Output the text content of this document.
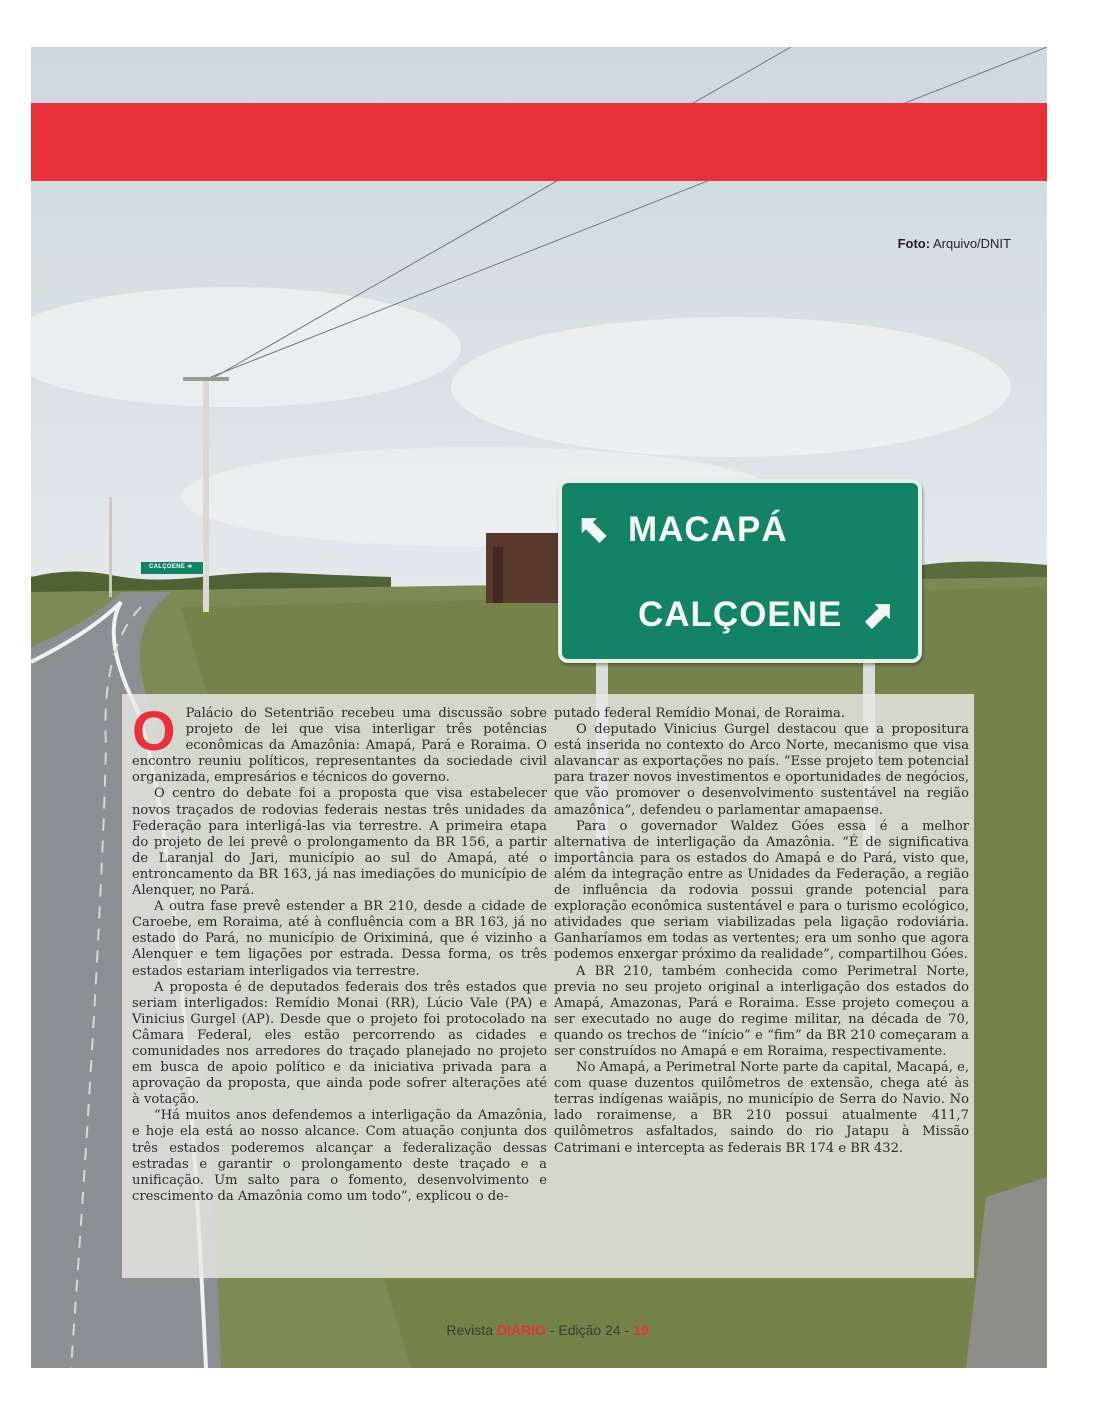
Foto: Arquivo/DNIT
CALÇOENE ➔
⬉ MACAPÁ
CALÇOENE ⬈

O Palácio do Setentrião recebeu uma discussão sobre projeto de lei que visa interligar três potências econômicas da Amazônia: Amapá, Pará e Roraima. O encontro reuniu políticos, representantes da sociedade civil organizada, empresários e técnicos do governo.

O centro do debate foi a proposta que visa estabelecer novos traçados de rodovias federais nestas três unidades da Federação para interligá-las via terrestre. A primeira etapa do projeto de lei prevê o prolongamento da BR 156, a partir de Laranjal do Jari, município ao sul do Amapá, até o entroncamento da BR 163, já nas imediações do município de Alenquer, no Pará.

A outra fase prevê estender a BR 210, desde a cidade de Caroebe, em Roraima, até à confluência com a BR 163, já no estado do Pará, no município de Oriximiná, que é vizinho a Alenquer e tem ligações por estrada. Dessa forma, os três estados estariam interligados via terrestre.

A proposta é de deputados federais dos três estados que seriam interligados: Remídio Monai (RR), Lúcio Vale (PA) e Vinicius Gurgel (AP). Desde que o projeto foi protocolado na Câmara Federal, eles estão percorrendo as cidades e comunidades nos arredores do traçado planejado no projeto em busca de apoio político e da iniciativa privada para a aprovação da proposta, que ainda pode sofrer alterações até à votação.

“Há muitos anos defendemos a interligação da Amazônia, e hoje ela está ao nosso alcance. Com atuação conjunta dos três estados poderemos alcançar a federalização dessas estradas e garantir o prolongamento deste traçado e a unificação. Um salto para o fomento, desenvolvimento e crescimento da Amazônia como um todo”, explicou o de-

putado federal Remídio Monai, de Roraima.

O deputado Vinicius Gurgel destacou que a propositura está inserida no contexto do Arco Norte, mecanismo que visa alavancar as exportações no país. “Esse projeto tem potencial para trazer novos investimentos e oportunidades de negócios, que vão promover o desenvolvimento sustentável na região amazônica”, defendeu o parlamentar amapaense.

Para o governador Waldez Góes essa é a melhor alternativa de interligação da Amazônia. “É de significativa importância para os estados do Amapá e do Pará, visto que, além da integração entre as Unidades da Federação, a região de influência da rodovia possui grande potencial para exploração econômica sustentável e para o turismo ecológico, atividades que seriam viabilizadas pela ligação rodoviária. Ganharíamos em todas as vertentes; era um sonho que agora podemos enxergar próximo da realidade”, compartilhou Góes.

A BR 210, também conhecida como Perimetral Norte, previa no seu projeto original a interligação dos estados do Amapá, Amazonas, Pará e Roraima. Esse projeto começou a ser executado no auge do regime militar, na década de 70, quando os trechos de “início” e “fim” da BR 210 começaram a ser construídos no Amapá e em Roraima, respectivamente.

No Amapá, a Perimetral Norte parte da capital, Macapá, e, com quase duzentos quilômetros de extensão, chega até às terras indígenas waiãpis, no município de Serra do Navio. No lado roraimense, a BR 210 possui atualmente 411,7 quilômetros asfaltados, saindo do rio Jatapu à Missão Catrimani e intercepta as federais BR 174 e BR 432.

Revista DIÁRIO - Edição 24 - 19
